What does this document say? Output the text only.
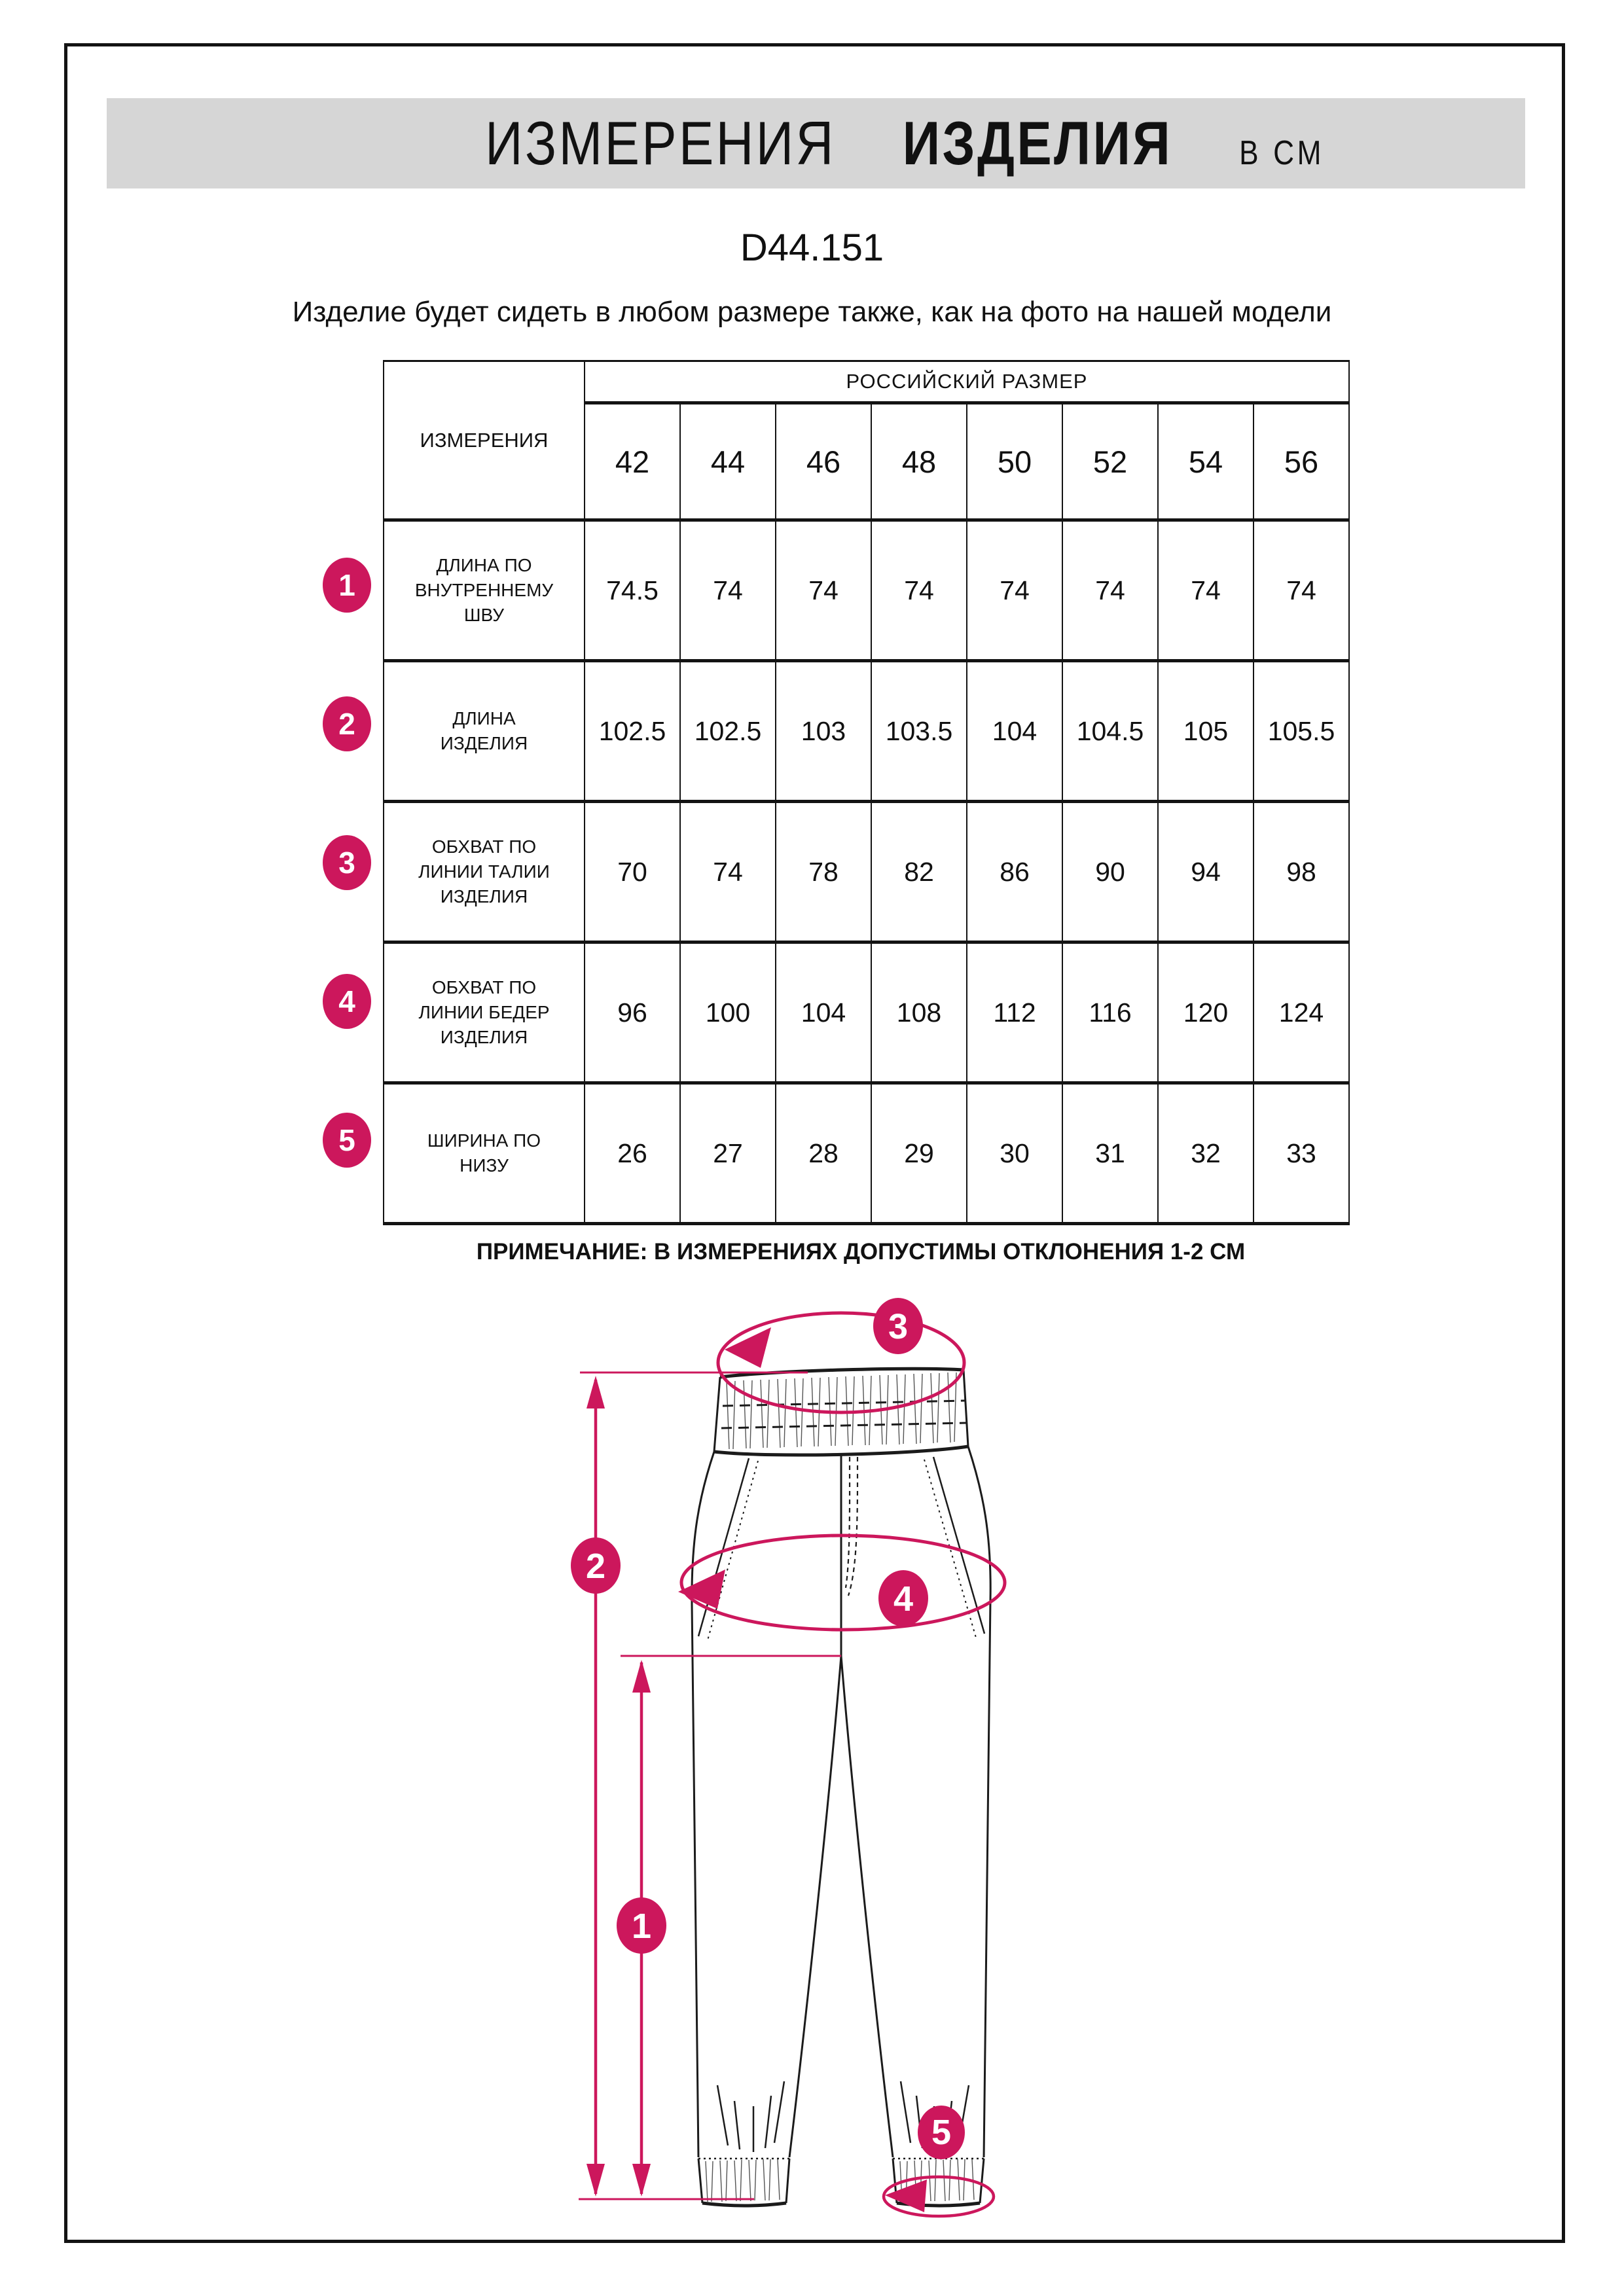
ИЗМЕРЕНИЯ ИЗДЕЛИЯ В СМ
D44.151
Изделие будет сидеть в любом размере также, как на фото на нашей модели
ИЗМЕРЕНИЯ	РОССИЙСКИЙ РАЗМЕР							
	42	44	46	48	50	52	54	56
ДЛИНА ПО
ВНУТРЕННЕМУ
ШВУ	74.5	74	74	74	74	74	74	74
ДЛИНА
ИЗДЕЛИЯ	102.5	102.5	103	103.5	104	104.5	105	105.5
ОБХВАТ ПО
ЛИНИИ ТАЛИИ
ИЗДЕЛИЯ	70	74	78	82	86	90	94	98
ОБХВАТ ПО
ЛИНИИ БЕДЕР
ИЗДЕЛИЯ	96	100	104	108	112	116	120	124
ШИРИНА ПО
НИЗУ	26	27	28	29	30	31	32	33
1
2
3
4
5
ПРИМЕЧАНИЕ: В ИЗМЕРЕНИЯХ ДОПУСТИМЫ ОТКЛОНЕНИЯ 1-2 СМ
3
2
4
1
5
